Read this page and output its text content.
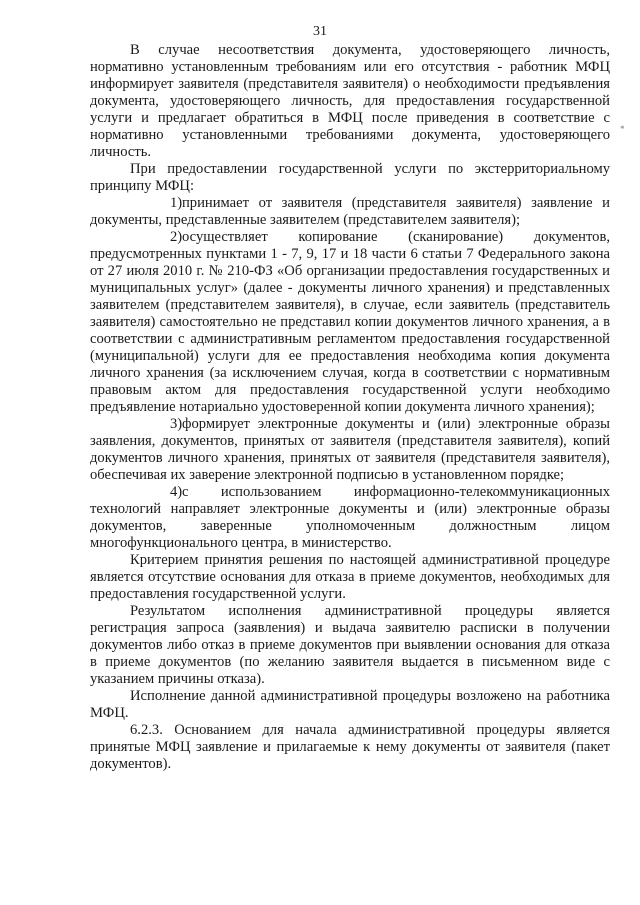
31
*

В случае несоответствия документа, удостоверяющего личность, нормативно установленным требованиям или его отсутствия - работник МФЦ информирует заявителя (представителя заявителя) о необходимости предъявления документа, удостоверяющего личность, для предоставления государственной услуги и предлагает обратиться в МФЦ после приведения в соответствие с нормативно установленными требованиями документа, удостоверяющего личность.

При предоставлении государственной услуги по экстерриториальному принципу МФЦ:

1)принимает от заявителя (представителя заявителя) заявление и документы, представленные заявителем (представителем заявителя);

2)осуществляет копирование (сканирование) документов, предусмотренных пунктами 1 - 7, 9, 17 и 18 части 6 статьи 7 Федерального закона от 27 июля 2010 г. № 210-ФЗ «Об организации предоставления государственных и муниципальных услуг» (далее - документы личного хранения) и представленных заявителем (представителем заявителя), в случае, если заявитель (представитель заявителя) самостоятельно не представил копии документов личного хранения, а в соответствии с административным регламентом предоставления государственной (муниципальной) услуги для ее предоставления необходима копия документа личного хранения (за исключением случая, когда в соответствии с нормативным правовым актом для предоставления государственной услуги необходимо предъявление нотариально удостоверенной копии документа личного хранения);

3)формирует электронные документы и (или) электронные образы заявления, документов, принятых от заявителя (представителя заявителя), копий документов личного хранения, принятых от заявителя (представителя заявителя), обеспечивая их заверение электронной подписью в установленном порядке;

4)с использованием информационно-телекоммуникационных технологий направляет электронные документы и (или) электронные образы документов, заверенные уполномоченным должностным лицом многофункционального центра, в министерство.

Критерием принятия решения по настоящей административной процедуре является отсутствие основания для отказа в приеме документов, необходимых для предоставления государственной услуги.

Результатом исполнения административной процедуры является регистрация запроса (заявления) и выдача заявителю расписки в получении документов либо отказ в приеме документов при выявлении основания для отказа в приеме документов (по желанию заявителя выдается в письменном виде с указанием причины отказа).

Исполнение данной административной процедуры возложено на работника МФЦ.

6.2.3. Основанием для начала административной процедуры является принятые МФЦ заявление и прилагаемые к нему документы от заявителя (пакет документов).
